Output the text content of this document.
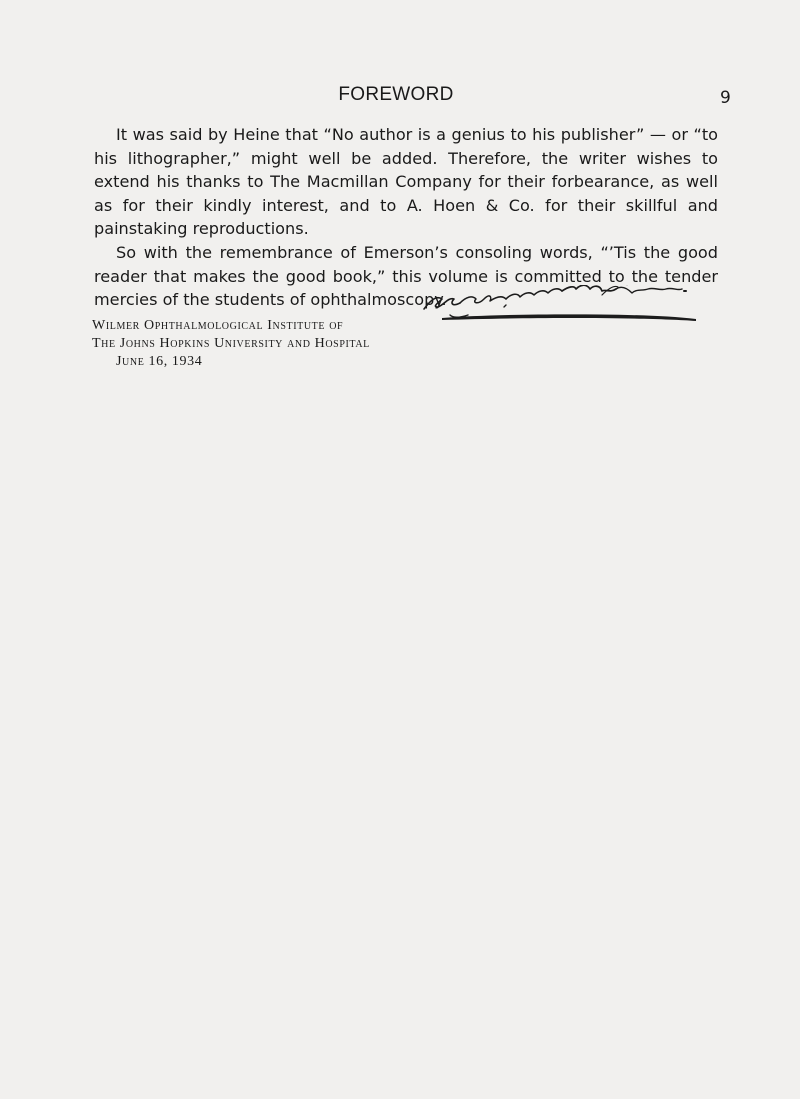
FOREWORD	9

It was said by Heine that “No author is a genius to his publisher” — or “to his lithographer,” might well be added. Therefore, the writer wishes to extend his thanks to The Macmillan Company for their forbearance, as well as for their kindly interest, and to A. Hoen & Co. for their skillful and painstaking reproductions.

So with the remembrance of Emerson’s consoling words, “’Tis the good reader that makes the good book,” this volume is committed to the tender mercies of the students of ophthalmoscopy.

Wilmer Ophthalmological Institute of
The Johns Hopkins University and Hospital
June 16, 1934
